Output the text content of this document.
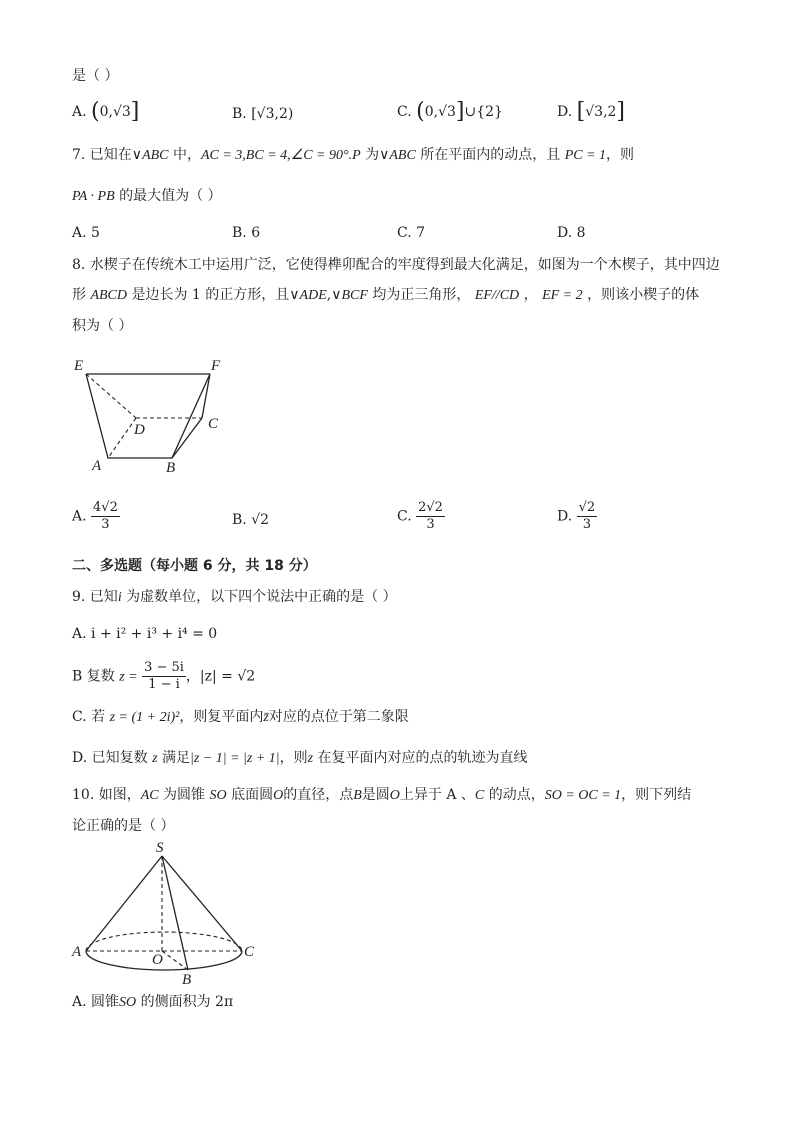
是（ ）
A. (0,√3]	B. [√3,2)	C. (0,√3]∪{2}	D. [√3,2]
7. 已知在∨ABC 中，AC = 3,BC = 4,∠C = 90°.P 为∨ABC 所在平面内的动点，且 PC = 1，则
PA · PB 的最大值为（ ）
A. 5	B. 6	C. 7	D. 8
8. 水楔子在传统木工中运用广泛，它使得榫卯配合的牢度得到最大化满足，如图为一个木楔子，其中四边
形 ABCD 是边长为 1 的正方形，且∨ADE,∨BCF 均为正三角形， EF//CD ， EF = 2 ，则该小楔子的体
积为（ ）
E	F
D	C
A	B
A. $\frac{4√2}{3}$	B. √2	C. $\frac{2√2}{3}$	D. $\frac{√2}{3}$
二、多选题（每小题 6 分，共 18 分）
9. 已知i 为虚数单位，以下四个说法中正确的是（ ）
A. i + i² + i³ + i⁴ = 0
B 复数 $z = \frac{3 - 5i}{1 - i}$ ，|z| = √2
C. 若 z = (1 + 2i)²，则复平面内z̄对应的点位于第二象限
D. 已知复数 z 满足|z − 1| = |z + 1|，则z 在复平面内对应的点的轨迹为直线
10. 如图，AC 为圆锥 SO 底面圆O的直径，点B是圆O上异于 A 、C 的动点，SO = OC = 1，则下列结
论正确的是（ ）
S
A	O	C
B
A. 圆锥SO 的侧面积为 2π
